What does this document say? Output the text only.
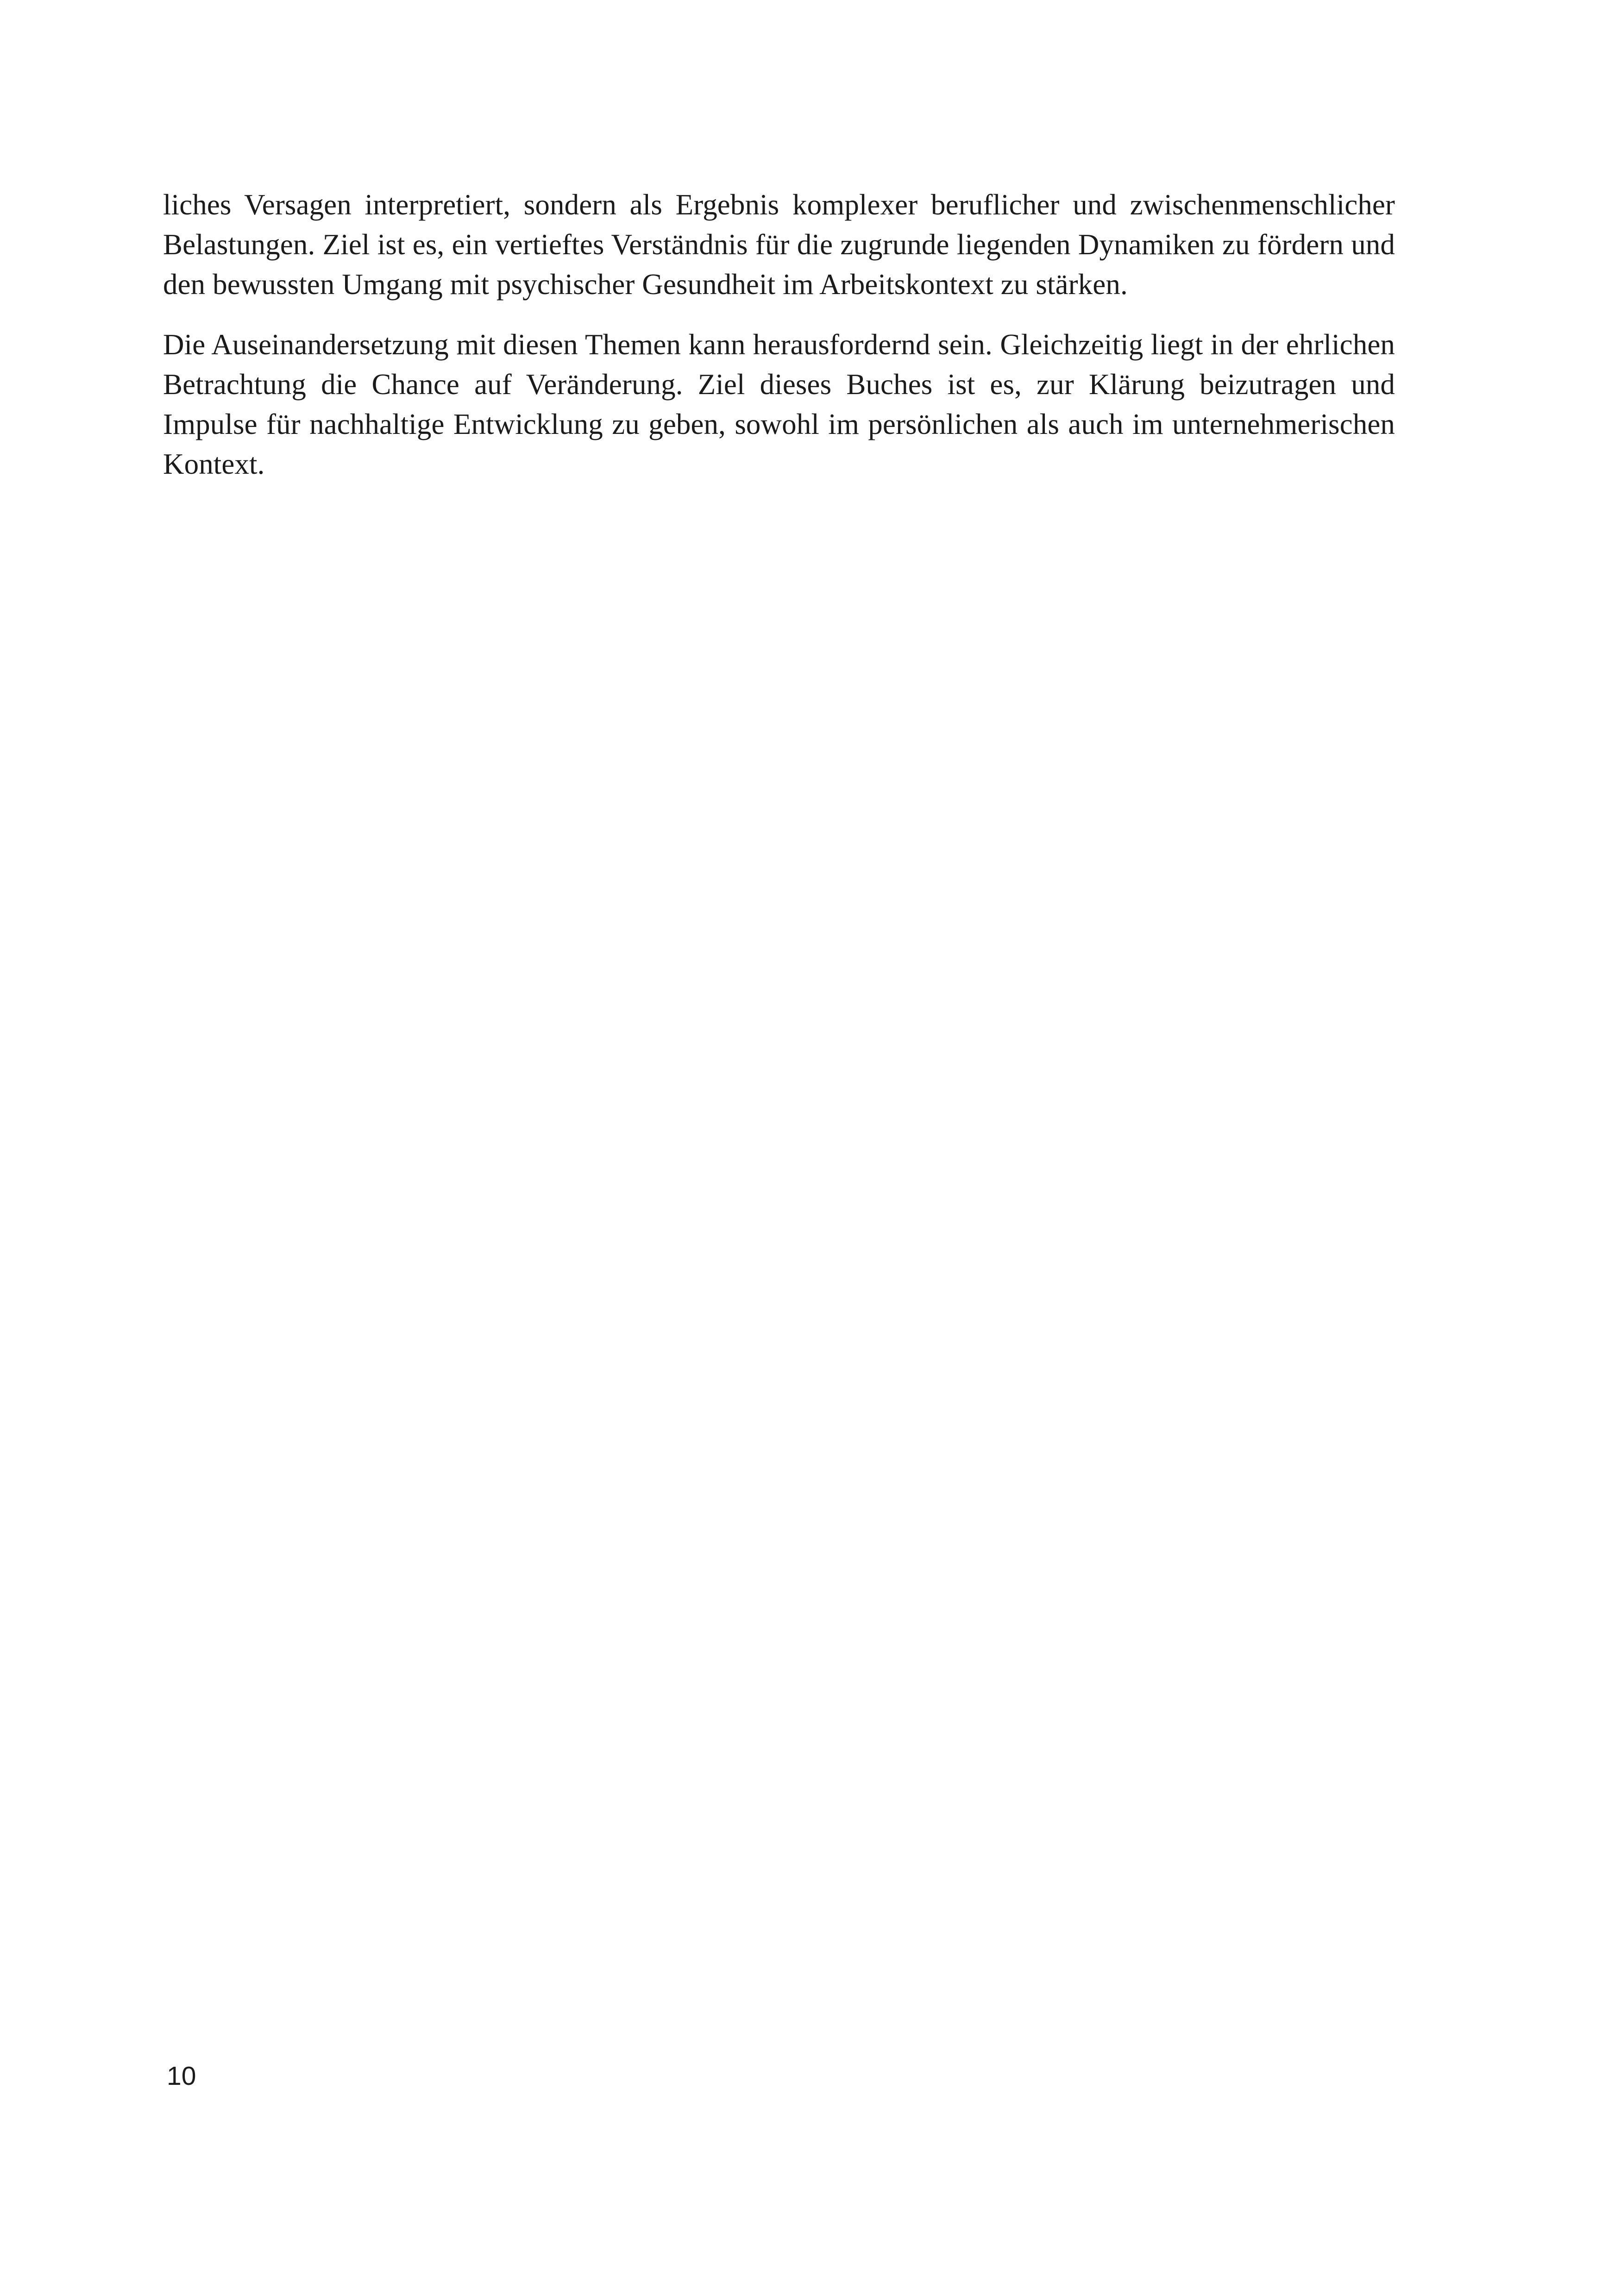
liches Versagen interpretiert, sondern als Ergebnis komplexer beruflicher und zwischenmenschlicher Belastungen. Ziel ist es, ein vertieftes Verständnis für die zugrunde liegenden Dynamiken zu fördern und den bewussten Umgang mit psychischer Gesundheit im Arbeitskontext zu stärken.

Die Auseinandersetzung mit diesen Themen kann herausfordernd sein. Gleichzeitig liegt in der ehrlichen Betrachtung die Chance auf Veränderung. Ziel dieses Buches ist es, zur Klärung beizutragen und Impulse für nachhaltige Entwicklung zu geben, sowohl im persönlichen als auch im unternehmerischen Kontext.

10
